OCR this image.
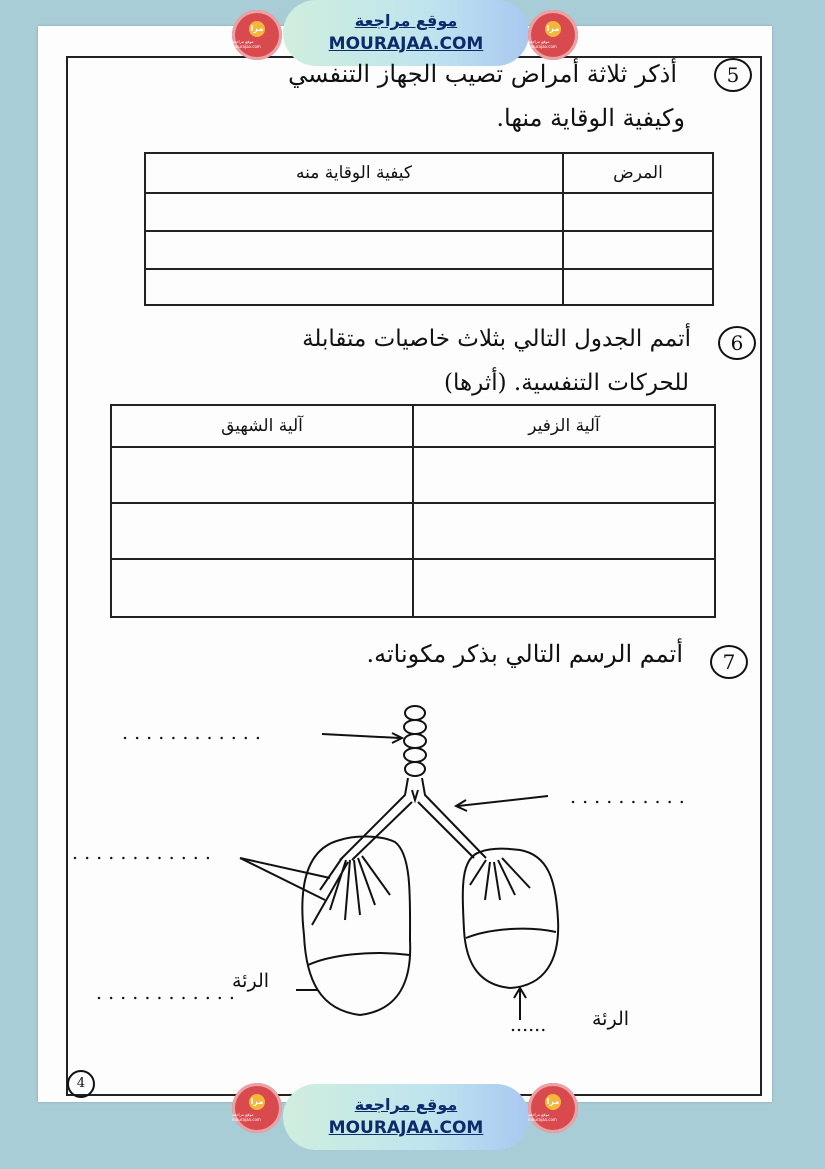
مرا
موقع مراجعة mourajaa.com
موقع مراجعة
MOURAJAA.COM
مرا
موقع مراجعة mourajaa.com
5
أذكر ثلاثة أمراض تصيب الجهاز التنفسي
وكيفية الوقاية منها.
المرض	كيفية الوقاية منه

6
أتمم الجدول التالي بثلاث خاصيات متقابلة
للحركات التنفسية. (أثرها)
آلية الزفير	آلية الشهيق

7
أتمم الرسم التالي بذكر مكوناته.
. . . . . . . . . . . .
. . . . . . . . . .
. . . . . . . . . . . .
. . . . . . . . . . . .
الرئة
...... الرئة
4
مرا
موقع مراجعة mourajaa.com
موقع مراجعة
MOURAJAA.COM
مرا
موقع مراجعة mourajaa.com
